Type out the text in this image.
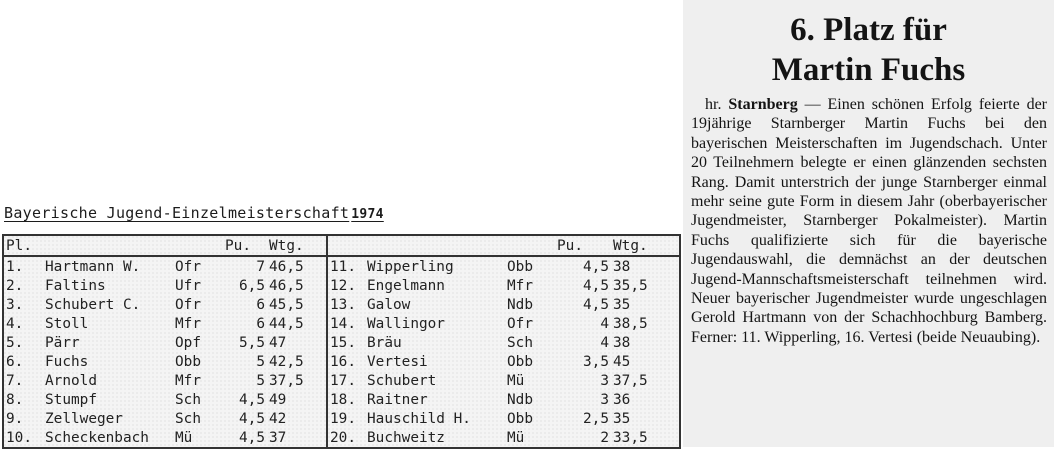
Bayerische Jugend-Einzelmeisterschaft 1974
Pl.			Pu.	Wtg.				Pu.	Wtg.
1.	Hartmann W.	Ofr	7	46,5	11.	Wipperling	Obb	4,5	38
2.	Faltins	Ufr	6,5	46,5	12.	Engelmann	Mfr	4,5	35,5
3.	Schubert C.	Ofr	6	45,5	13.	Galow	Ndb	4,5	35
4.	Stoll	Mfr	6	44,5	14.	Wallingor	Ofr	4	38,5
5.	Pärr	Opf	5,5	47	15.	Bräu	Sch	4	38
6.	Fuchs	Obb	5	42,5	16.	Vertesi	Obb	3,5	45
7.	Arnold	Mfr	5	37,5	17.	Schubert	Mü	3	37,5
8.	Stumpf	Sch	4,5	49	18.	Raitner	Ndb	3	36
9.	Zellweger	Sch	4,5	42	19.	Hauschild H.	Obb	2,5	35
10.	Scheckenbach	Mü	4,5	37	20.	Buchweitz	Mü	2	33,5
6. Platz für
Martin Fuchs
hr. Starnberg — Einen schönen Erfolg feierte der 19jährige Starnberger Martin Fuchs bei den bayerischen Meisterschaften im Jugendschach. Unter 20 Teilnehmern belegte er einen glänzenden sechsten Rang. Damit unterstrich der junge Starnberger einmal mehr seine gute Form in diesem Jahr (oberbayerischer Jugendmeister, Starnberger Pokalmeister). Martin Fuchs qualifizierte sich für die bayerische Jugendauswahl, die demnächst an der deutschen Jugend-Mannschaftsmeisterschaft teilnehmen wird. Neuer bayerischer Jugendmeister wurde ungeschlagen Gerold Hartmann von der Schachhochburg Bamberg. Ferner: 11. Wipperling, 16. Vertesi (beide Neuaubing).
